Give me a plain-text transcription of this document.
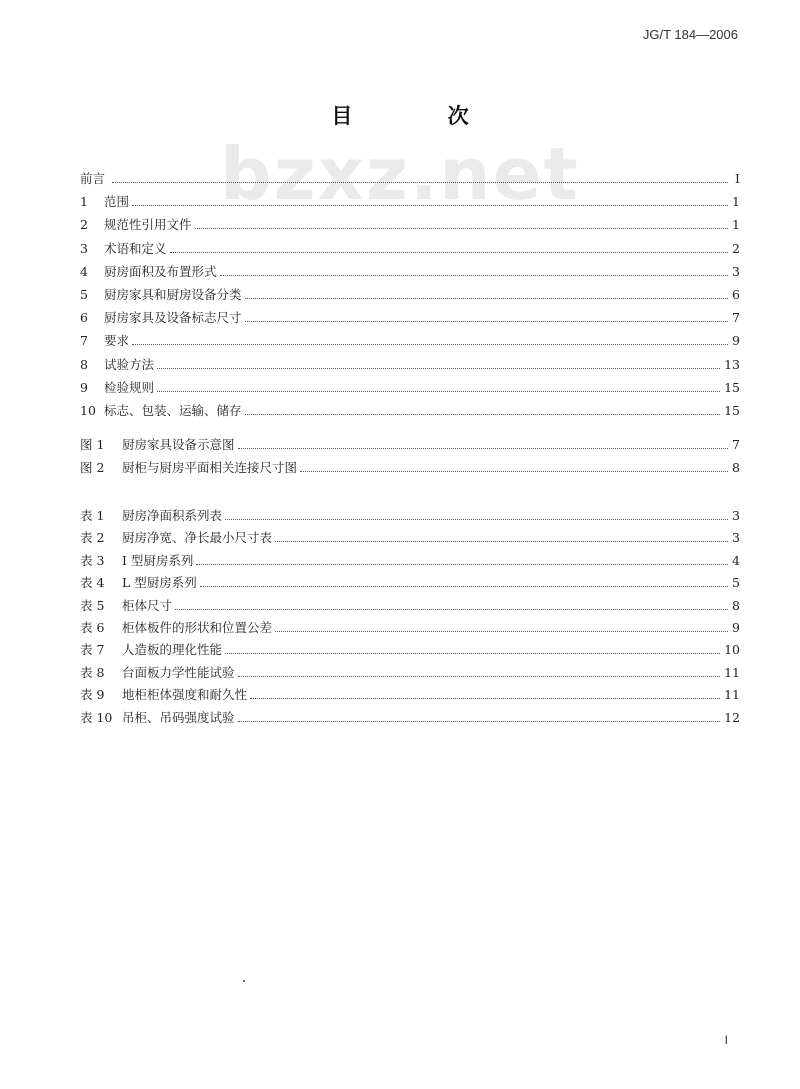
JG/T 184—2006
目 次
bzxz.net
前言	I
1	范围	1
2	规范性引用文件	1
3	术语和定义	2
4	厨房面积及布置形式	3
5	厨房家具和厨房设备分类	6
6	厨房家具及设备标志尺寸	7
7	要求	9
8	试验方法	13
9	检验规则	15
10 标志、包装、运输、储存	15
图 1	厨房家具设备示意图	7
图 2	厨柜与厨房平面相关连接尺寸图	8
表 1	厨房净面积系列表	3
表 2	厨房净宽、净长最小尺寸表	3
表 3	I 型厨房系列	4
表 4	L 型厨房系列	5
表 5	柜体尺寸	8
表 6	柜体板件的形状和位置公差	9
表 7	人造板的理化性能	10
表 8	台面板力学性能试验	11
表 9	地柜柜体强度和耐久性	11
表 10 吊柜、吊码强度试验	12
I
